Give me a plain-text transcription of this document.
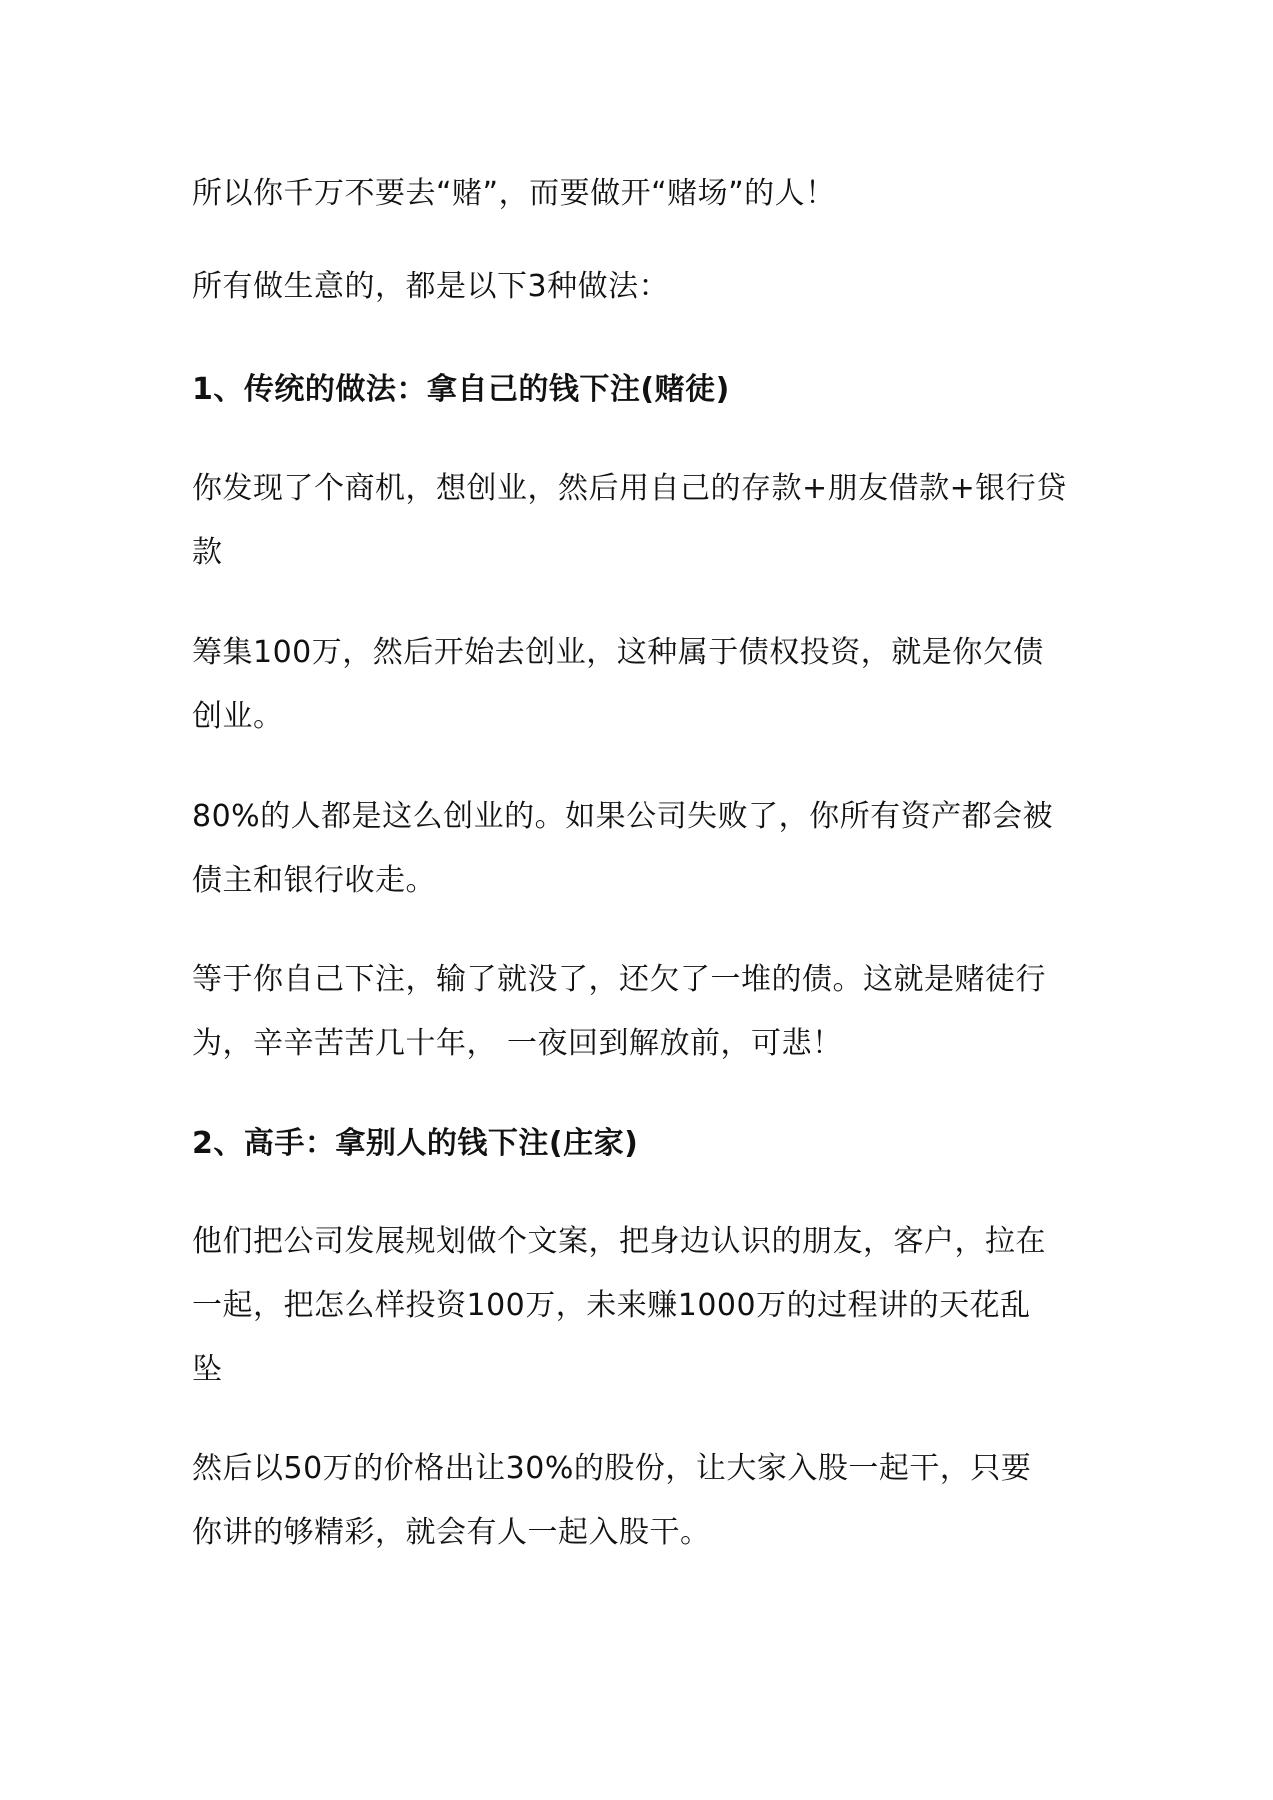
所以你千万不要去“赌”，而要做开“赌场”的人！
所有做生意的，都是以下3种做法：
1、传统的做法：拿自己的钱下注(赌徒)
你发现了个商机，想创业，然后用自己的存款+朋友借款+银行贷
款
筹集100万，然后开始去创业，这种属于债权投资，就是你欠债
创业。
80%的人都是这么创业的。如果公司失败了，你所有资产都会被
债主和银行收走。
等于你自己下注，输了就没了，还欠了一堆的债。这就是赌徒行
为，辛辛苦苦几十年， 一夜回到解放前，可悲！
2、高手：拿别人的钱下注(庄家)
他们把公司发展规划做个文案，把身边认识的朋友，客户，拉在
一起，把怎么样投资100万，未来赚1000万的过程讲的天花乱
坠
然后以50万的价格出让30%的股份，让大家入股一起干，只要
你讲的够精彩，就会有人一起入股干。
